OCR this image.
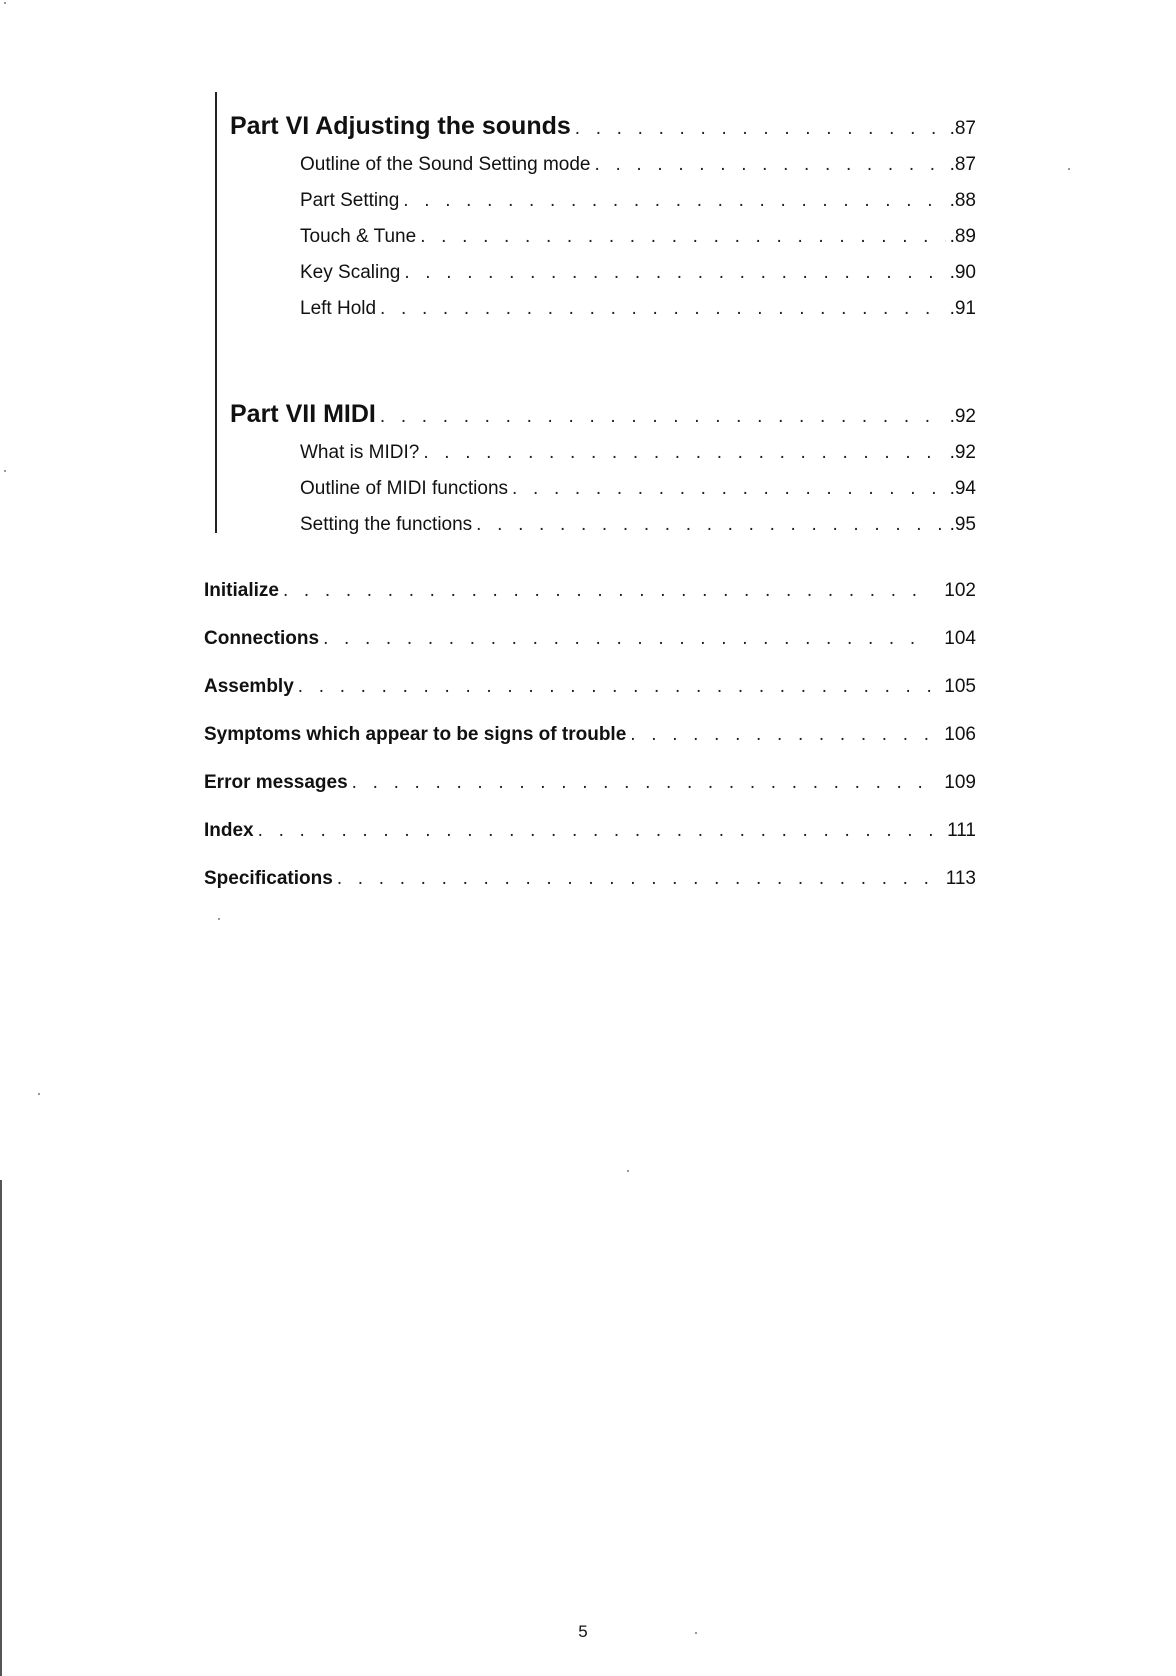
Part VI Adjusting the sounds . . .	.87
Outline of the Sound Setting mode . . .	.87
Part Setting . . .	.88
Touch & Tune . . .	.89
Key Scaling . . .	.90
Left Hold . . .	.91
Part VII MIDI . . .	.92
What is MIDI? . . .	.92
Outline of MIDI functions . . .	.94
Setting the functions . . .	.95
Initialize . . .	102
Connections . . .	104
Assembly . . .	105
Symptoms which appear to be signs of trouble . . .	106
Error messages . . .	109
Index . . .	111
Specifications . . .	113
5
